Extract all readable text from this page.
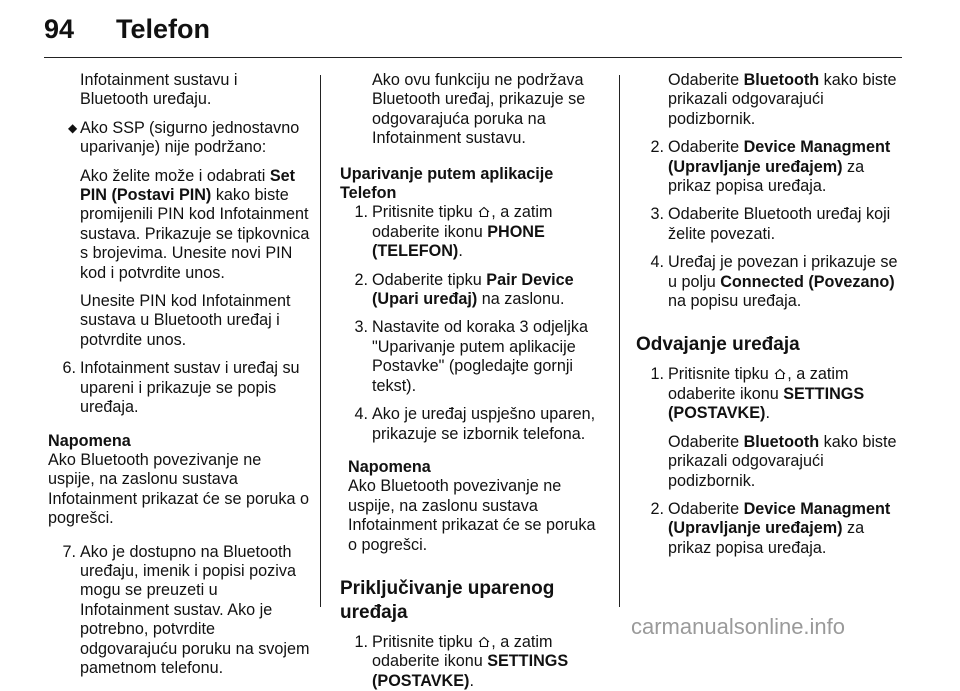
94 Telefon

Infotainment sustavu i Bluetooth uređaju.

◆ Ako SSP (sigurno jednostavno uparivanje) nije podržano:

Ako želite može i odabrati Set PIN (Postavi PIN) kako biste promijenili PIN kod Infotainment sustava. Prikazuje se tipkovnica s brojevima. Unesite novi PIN kod i potvrdite unos.

Unesite PIN kod Infotainment sustava u Bluetooth uređaj i potvrdite unos.

6. Infotainment sustav i uređaj su upareni i prikazuje se popis uređaja.

Napomena

Ako Bluetooth povezivanje ne uspije, na zaslonu sustava Infotainment prikazat će se poruka o pogrešci.

7. Ako je dostupno na Bluetooth uređaju, imenik i popisi poziva mogu se preuzeti u Infotainment sustav. Ako je potrebno, potvrdite odgovarajuću poruku na svojem pametnom telefonu.

Ako ovu funkciju ne podržava Bluetooth uređaj, prikazuje se odgovarajuća poruka na Infotainment sustavu.

Uparivanje putem aplikacije Telefon

1. Pritisnite tipku , a zatim odaberite ikonu PHONE (TELEFON).

2. Odaberite tipku Pair Device (Upari uređaj) na zaslonu.

3. Nastavite od koraka 3 odjeljka "Uparivanje putem aplikacije Postavke" (pogledajte gornji tekst).

4. Ako je uređaj uspješno uparen, prikazuje se izbornik telefona.

Napomena

Ako Bluetooth povezivanje ne uspije, na zaslonu sustava Infotainment prikazat će se poruka o pogrešci.

Priključivanje uparenog uređaja

1. Pritisnite tipku , a zatim odaberite ikonu SETTINGS (POSTAVKE).

Odaberite Bluetooth kako biste prikazali odgovarajući podizbornik.

2. Odaberite Device Managment (Upravljanje uređajem) za prikaz popisa uređaja.

3. Odaberite Bluetooth uređaj koji želite povezati.

4. Uređaj je povezan i prikazuje se u polju Connected (Povezano) na popisu uređaja.

Odvajanje uređaja

1. Pritisnite tipku , a zatim odaberite ikonu SETTINGS (POSTAVKE).

Odaberite Bluetooth kako biste prikazali odgovarajući podizbornik.

2. Odaberite Device Managment (Upravljanje uređajem) za prikaz popisa uređaja.

carmanualsonline.info
